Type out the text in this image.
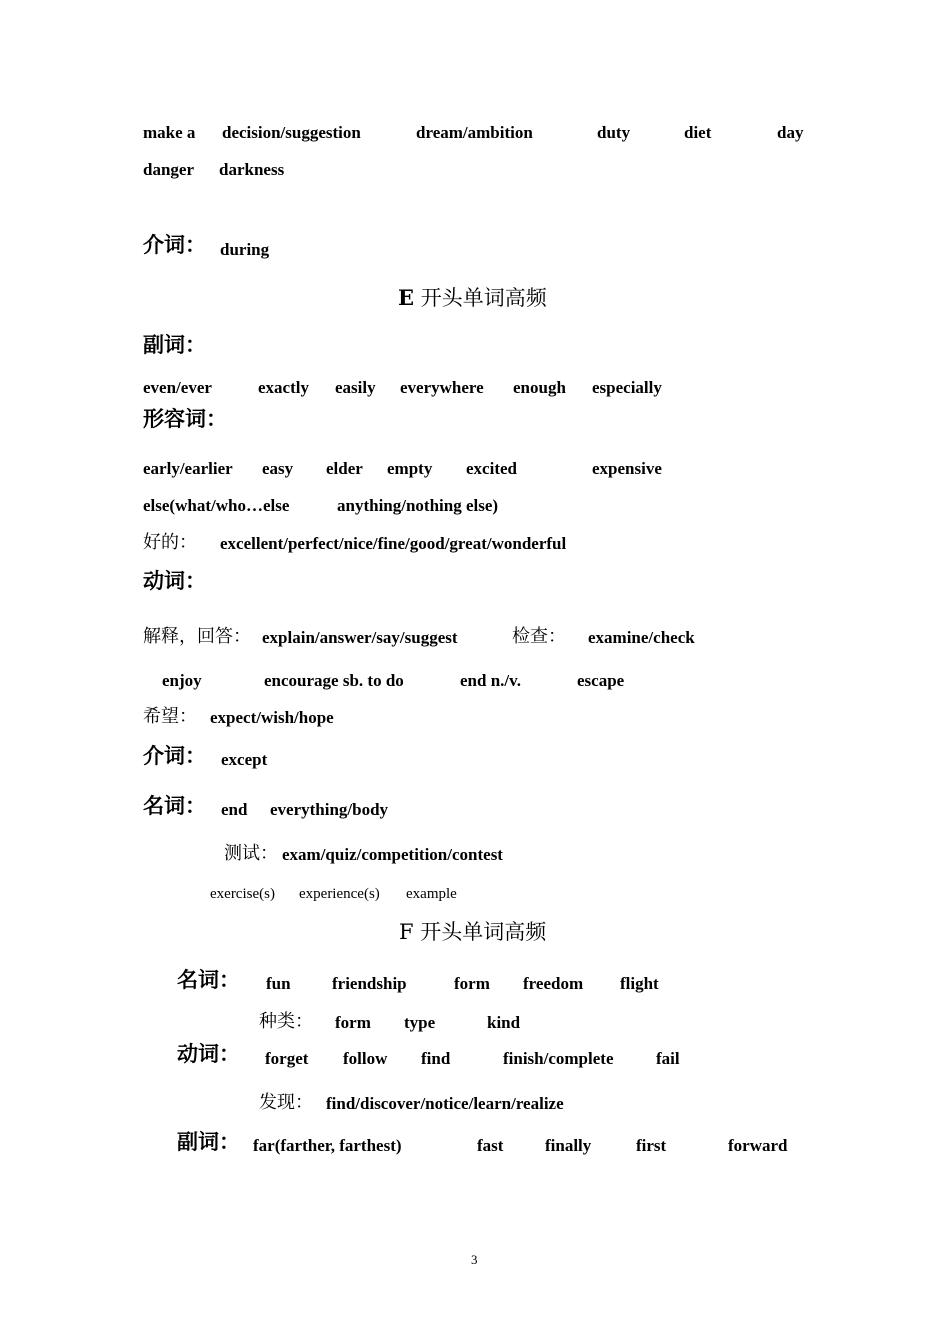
make a decision/suggestion	dream/ambition	duty	diet	day
danger darkness
介词： during
E 开头单词高频
副词：
even/ever	exactly easily everywhere enough especially
形容词：
early/earlier easy elder empty excited	expensive
else(what/who…else	anything/nothing else)
好的： excellent/perfect/nice/fine/good/great/wonderful
动词：
解释，回答： explain/answer/say/suggest	检查： examine/check
enjoy	encourage sb. to do	end n./v.	escape
希望： expect/wish/hope
介词： except
名词： end everything/body
测试： exam/quiz/competition/contest
exercise(s) experience(s) example
F 开头单词高频
名词： fun friendship	form freedom flight
种类： form type	kind
动词： forget follow find	finish/complete	fail
发现： find/discover/notice/learn/realize
副词： far(farther, farthest)	fast finally	first	forward
3
